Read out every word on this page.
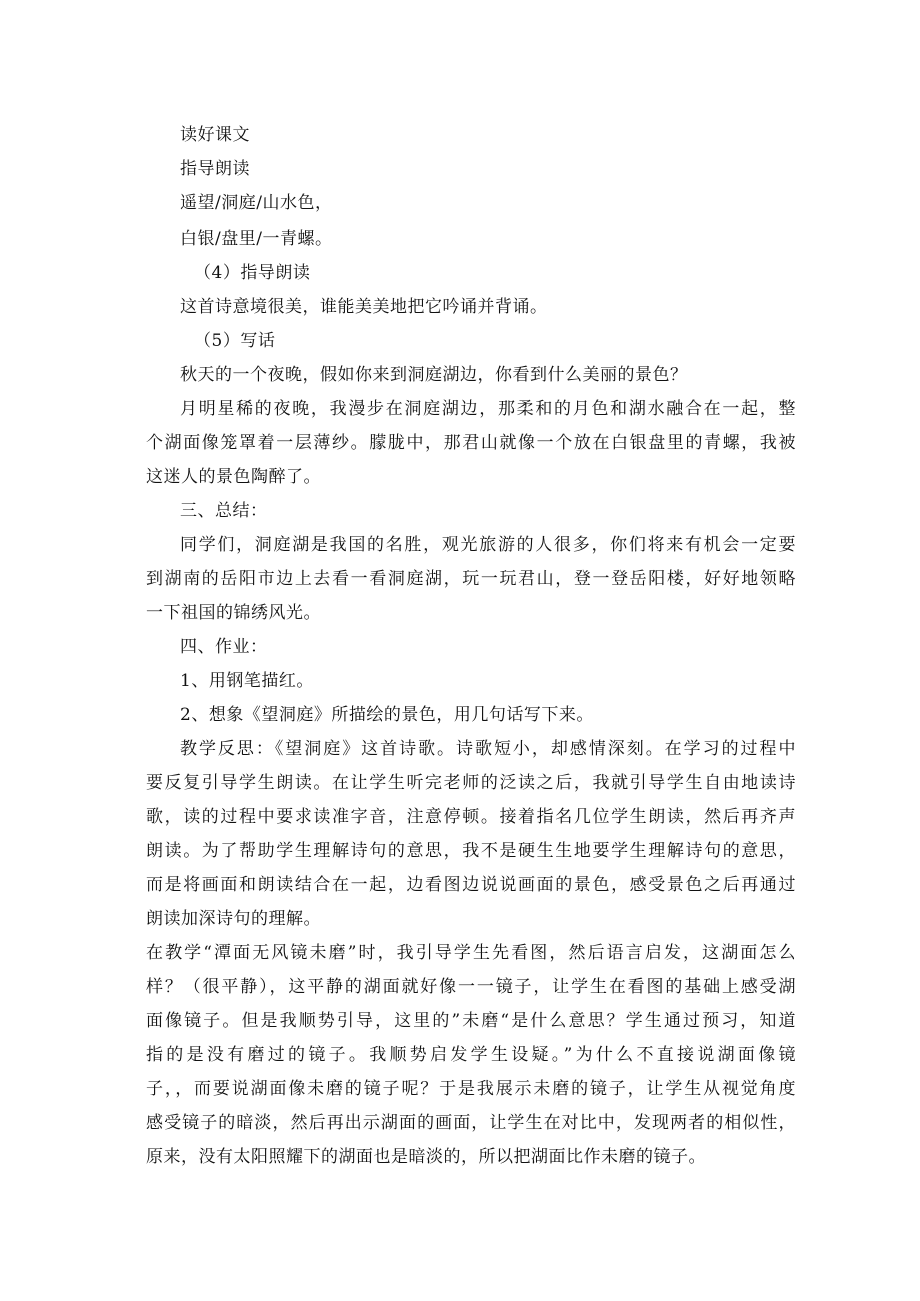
读好课文
指导朗读
遥望/洞庭/山水色，
白银/盘里/一青螺。
（4）指导朗读
这首诗意境很美，谁能美美地把它吟诵并背诵。
（5）写话
秋天的一个夜晚，假如你来到洞庭湖边，你看到什么美丽的景色？
月明星稀的夜晚，我漫步在洞庭湖边，那柔和的月色和湖水融合在一起，整
个湖面像笼罩着一层薄纱。朦胧中，那君山就像一个放在白银盘里的青螺，我被
这迷人的景色陶醉了。
三、总结：
同学们，洞庭湖是我国的名胜，观光旅游的人很多，你们将来有机会一定要
到湖南的岳阳市边上去看一看洞庭湖，玩一玩君山，登一登岳阳楼，好好地领略
一下祖国的锦绣风光。
四、作业：
1、用钢笔描红。
2、想象《望洞庭》所描绘的景色，用几句话写下来。
教学反思：《望洞庭》这首诗歌。诗歌短小，却感情深刻。在学习的过程中
要反复引导学生朗读。在让学生听完老师的泛读之后，我就引导学生自由地读诗
歌，读的过程中要求读准字音，注意停顿。接着指名几位学生朗读，然后再齐声
朗读。为了帮助学生理解诗句的意思，我不是硬生生地要学生理解诗句的意思，
而是将画面和朗读结合在一起，边看图边说说画面的景色，感受景色之后再通过
朗读加深诗句的理解。
在教学“潭面无风镜未磨”时，我引导学生先看图，然后语言启发，这湖面怎么
样？（很平静），这平静的湖面就好像一一镜子，让学生在看图的基础上感受湖
面像镜子。但是我顺势引导，这里的”未磨“是什么意思？学生通过预习，知道
指的是没有磨过的镜子。我顺势启发学生设疑。”为什么不直接说湖面像镜
子，，而要说湖面像未磨的镜子呢？于是我展示未磨的镜子，让学生从视觉角度
感受镜子的暗淡，然后再出示湖面的画面，让学生在对比中，发现两者的相似性，
原来，没有太阳照耀下的湖面也是暗淡的，所以把湖面比作未磨的镜子。
